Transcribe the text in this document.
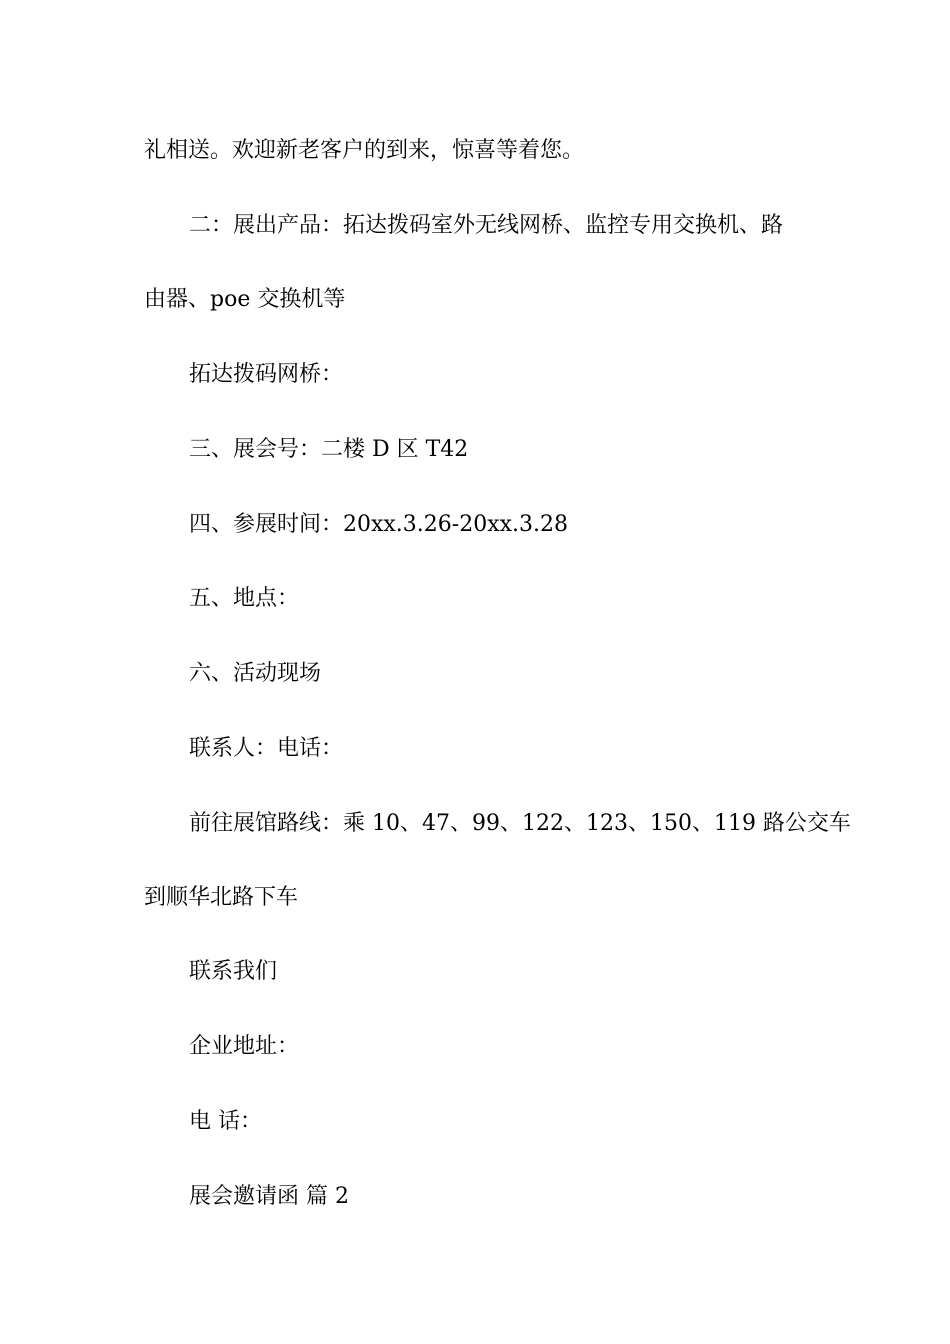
礼相送。欢迎新老客户的到来，惊喜等着您。
二：展出产品：拓达拨码室外无线网桥、监控专用交换机、路
由器、poe 交换机等
拓达拨码网桥：
三、展会号：二楼 D 区 T42
四、参展时间：20xx.3.26-20xx.3.28
五、地点：
六、活动现场
联系人：电话：
前往展馆路线：乘 10、47、99、122、123、150、119 路公交车
到顺华北路下车
联系我们
企业地址：
电 话：
展会邀请函 篇 2
